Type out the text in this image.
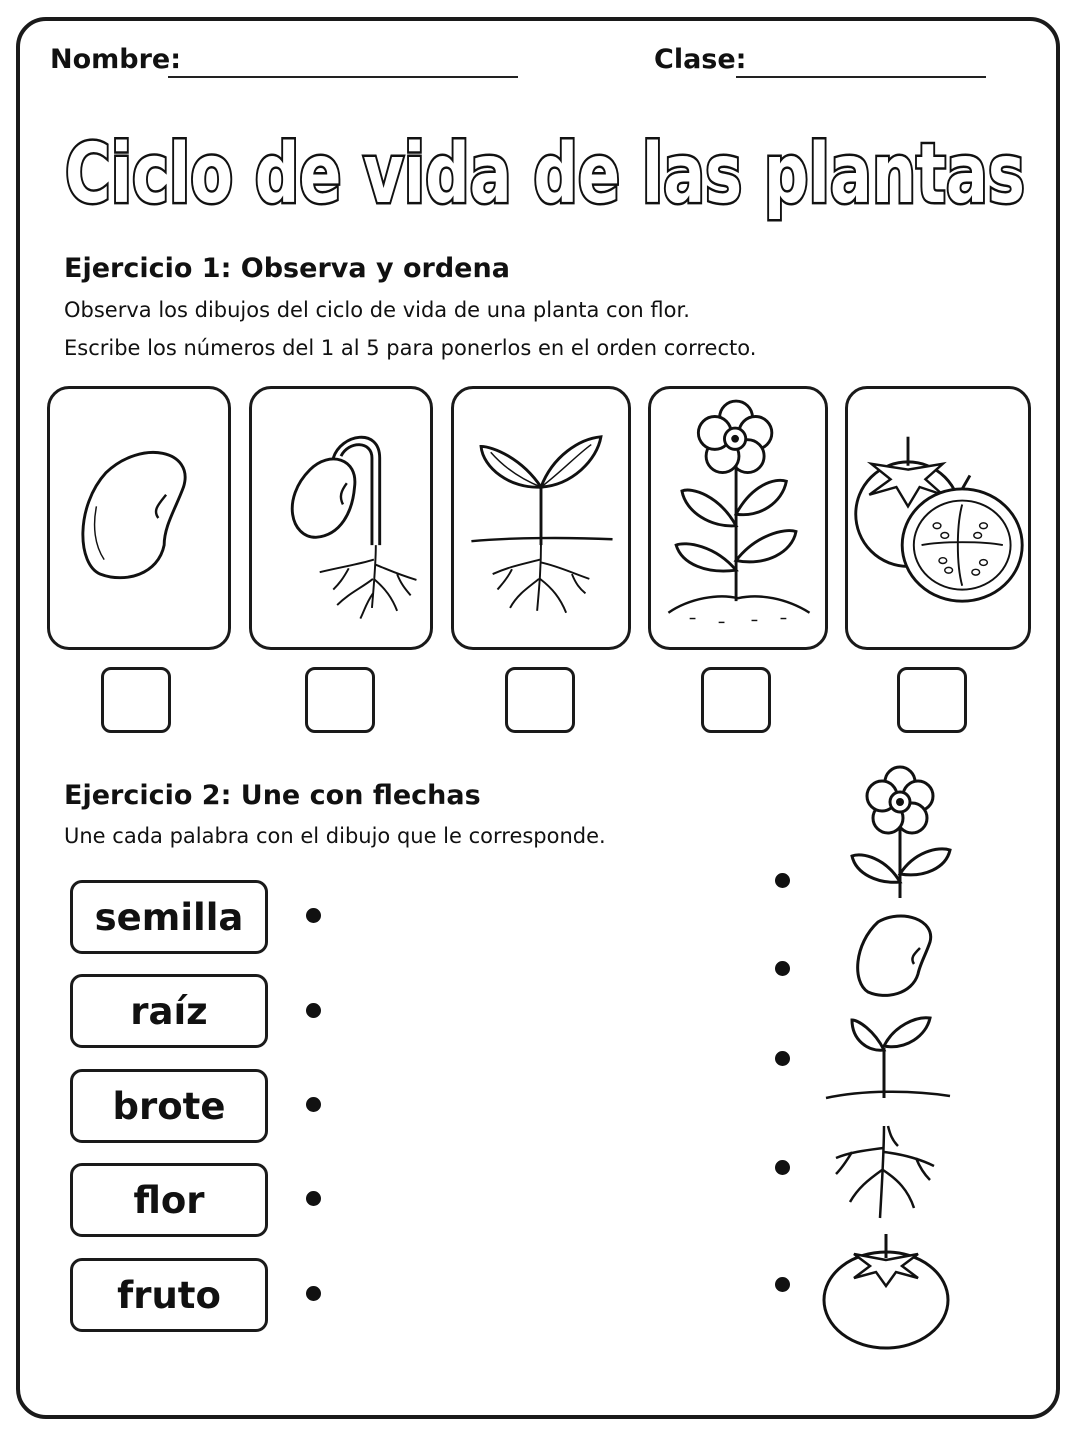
Nombre:	Clase:
Ciclo de vida de las plantas
Ejercicio 1: Observa y ordena
Observa los dibujos del ciclo de vida de una planta con flor.
Escribe los números del 1 al 5 para ponerlos en el orden correcto.
Ejercicio 2: Une con flechas
Une cada palabra con el dibujo que le corresponde.
semilla
raíz
brote
flor
fruto
